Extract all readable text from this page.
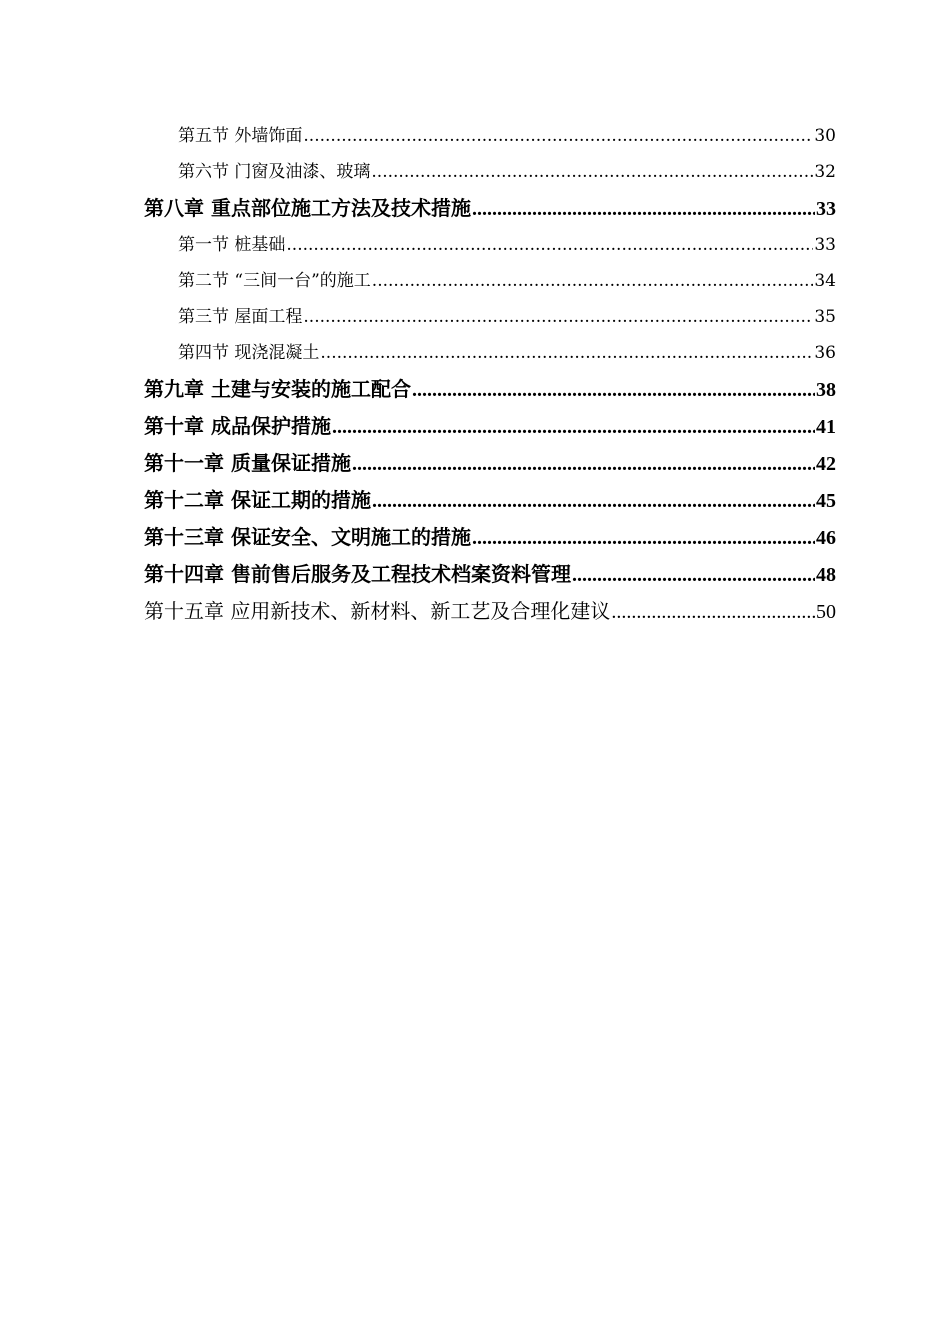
第五节 外墙饰面 .....	30
第六节 门窗及油漆、玻璃 .....	32
第八章 重点部位施工方法及技术措施 .....	33
第一节 桩基础 .....	33
第二节 “三间一台”的施工 .....	34
第三节 屋面工程 .....	35
第四节 现浇混凝土 .....	36
第九章 土建与安装的施工配合 .....	38
第十章 成品保护措施 .....	41
第十一章 质量保证措施 .....	42
第十二章 保证工期的措施 .....	45
第十三章 保证安全、文明施工的措施 .....	46
第十四章 售前售后服务及工程技术档案资料管理 .....	48
第十五章 应用新技术、新材料、新工艺及合理化建议 .....	50
